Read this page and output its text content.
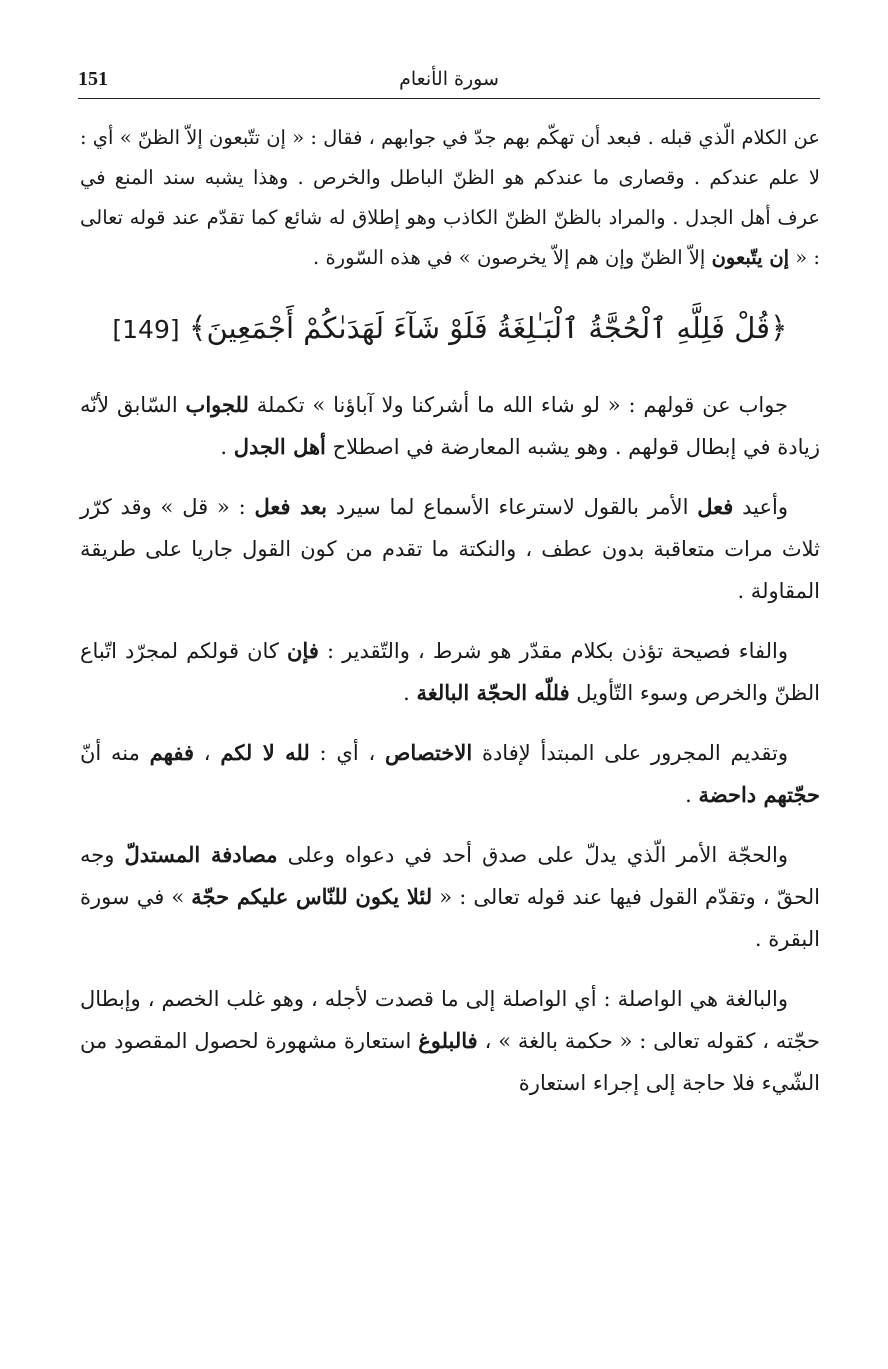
151	سورة الأنعام

عن الكلام الّذي قبله . فبعد أن تهكّم بهم جدّ في جوابهم ، فقال : « إن تتّبعون إلاّ الظنّ » أي : لا علم عندكم . وقصارى ما عندكم هو الظنّ الباطل والخرص . وهذا يشبه سند المنع في عرف أهل الجدل . والمراد بالظنّ الظنّ الكاذب وهو إطلاق له شائع كما تقدّم عند قوله تعالى : « إن يتّبعون إلاّ الظنّ وإن هم إلاّ يخرصون » في هذه السّورة .

﴿قُلْ فَلِلَّهِ ٱلْحُجَّةُ ٱلْبَـٰلِغَةُ فَلَوْ شَآءَ لَهَدَىٰكُمْ أَجْمَعِينَ﴾ [149]

جواب عن قولهم : « لو شاء الله ما أشركنا ولا آباؤنا » تكملة للجواب السّابق لأنّه زيادة في إبطال قولهم . وهو يشبه المعارضة في اصطلاح أهل الجدل .

وأعيد فعل الأمر بالقول لاسترعاء الأسماع لما سيرد بعد فعل : « قل » وقد كرّر ثلاث مرات متعاقبة بدون عطف ، والنكتة ما تقدم من كون القول جاريا على طريقة المقاولة .

والفاء فصيحة تؤذن بكلام مقدّر هو شرط ، والتّقدير : فإن كان قولكم لمجرّد اتّباع الظنّ والخرص وسوء التّأويل فللّه الحجّة البالغة .

وتقديم المجرور على المبتدأ لإفادة الاختصاص ، أي : لله لا لكم ، ففهم منه أنّ حجّتهم داحضة .

والحجّة الأمر الّذي يدلّ على صدق أحد في دعواه وعلى مصادفة المستدلّ وجه الحقّ ، وتقدّم القول فيها عند قوله تعالى : « لئلا يكون للنّاس عليكم حجّة » في سورة البقرة .

والبالغة هي الواصلة : أي الواصلة إلى ما قصدت لأجله ، وهو غلب الخصم ، وإبطال حجّته ، كقوله تعالى : « حكمة بالغة » ، فالبلوغ استعارة مشهورة لحصول المقصود من الشّيء فلا حاجة إلى إجراء استعارة
